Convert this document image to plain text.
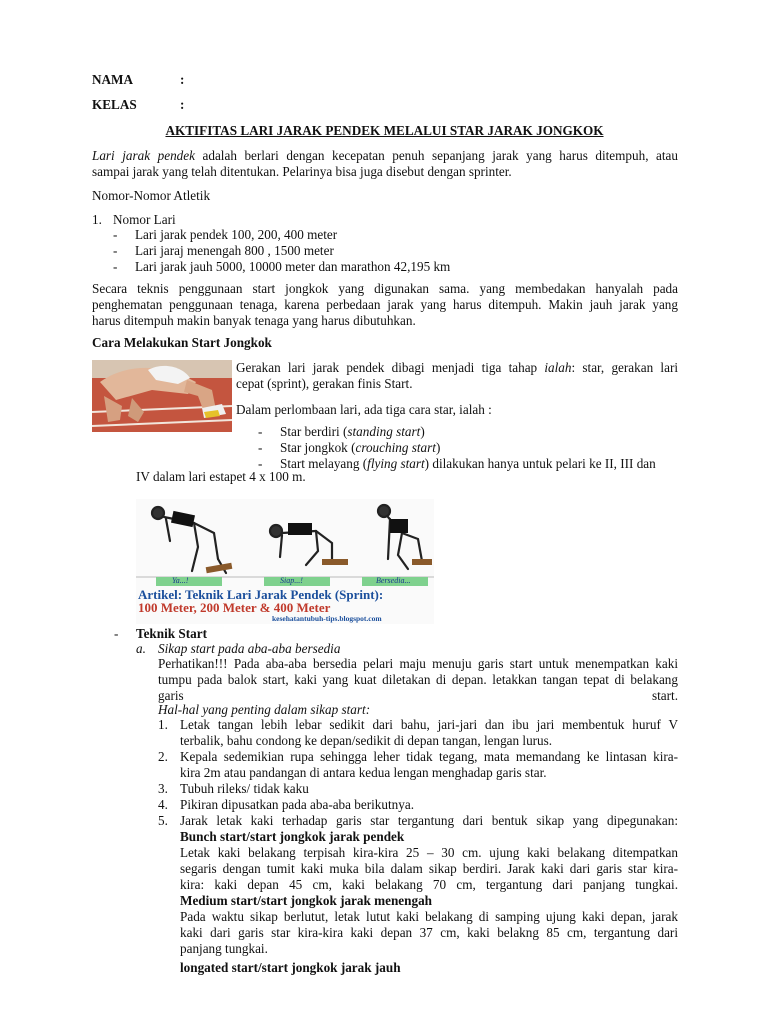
NAMA	:
KELAS	:
AKTIFITAS LARI JARAK PENDEK MELALUI STAR JARAK JONGKOK
Lari jarak pendek adalah berlari dengan kecepatan penuh sepanjang jarak yang harus ditempuh, atau
sampai jarak yang telah ditentukan. Pelarinya bisa juga disebut dengan sprinter.
Nomor-Nomor Atletik
1. Nomor Lari
- Lari jarak pendek 100, 200, 400 meter
- Lari jaraj menengah 800 , 1500 meter
- Lari jarak jauh 5000, 10000 meter dan marathon 42,195 km
Secara teknis penggunaan start jongkok yang digunakan sama. yang membedakan hanyalah pada
penghematan penggunaan tenaga, karena perbedaan jarak yang harus ditempuh. Makin jauh jarak yang
harus ditempuh makin banyak tenaga yang harus dibutuhkan.
Cara Melakukan Start Jongkok
Gerakan lari jarak pendek dibagi menjadi tiga tahap ialah: star, gerakan lari
cepat (sprint), gerakan finis Start.
Dalam perlombaan lari, ada tiga cara star, ialah :
- Star berdiri (standing start)
- Star jongkok (crouching start)
- Start melayang (flying start) dilakukan hanya untuk pelari ke II, III dan
IV dalam lari estapet 4 x 100 m.
Ya...!	Siap...!	Bersedia...
Artikel: Teknik Lari Jarak Pendek (Sprint):
100 Meter, 200 Meter & 400 Meter
kesehatantubuh-tips.blogspot.com
- Teknik Start
a. Sikap start pada aba-aba bersedia
Perhatikan!!! Pada aba-aba bersedia pelari maju menuju garis start untuk menempatkan kaki
tumpu pada balok start, kaki yang kuat diletakan di depan. letakkan tangan tepat di belakang
garis	start.
Hal-hal yang penting dalam sikap start:
1. Letak tangan lebih lebar sedikit dari bahu, jari-jari dan ibu jari membentuk huruf V
terbalik, bahu condong ke depan/sedikit di depan tangan, lengan lurus.
2. Kepala sedemikian rupa sehingga leher tidak tegang, mata memandang ke lintasan kira-
kira 2m atau pandangan di antara kedua lengan menghadap garis star.
3. Tubuh rileks/ tidak kaku
4. Pikiran dipusatkan pada aba-aba berikutnya.
5. Jarak letak kaki terhadap garis star tergantung dari bentuk sikap yang dipegunakan:
Bunch start/start jongkok jarak pendek
Letak kaki belakang terpisah kira-kira 25 – 30 cm. ujung kaki belakang ditempatkan
segaris dengan tumit kaki muka bila dalam sikap berdiri. Jarak kaki dari garis star kira-
kira: kaki depan 45 cm, kaki belakang 70 cm, tergantung dari panjang tungkai.
Medium start/start jongkok jarak menengah
Pada waktu sikap berlutut, letak lutut kaki belakang di samping ujung kaki depan, jarak
kaki dari garis star kira-kira kaki depan 37 cm, kaki belakng 85 cm, tergantung dari
panjang tungkai.
longated start/start jongkok jarak jauh
